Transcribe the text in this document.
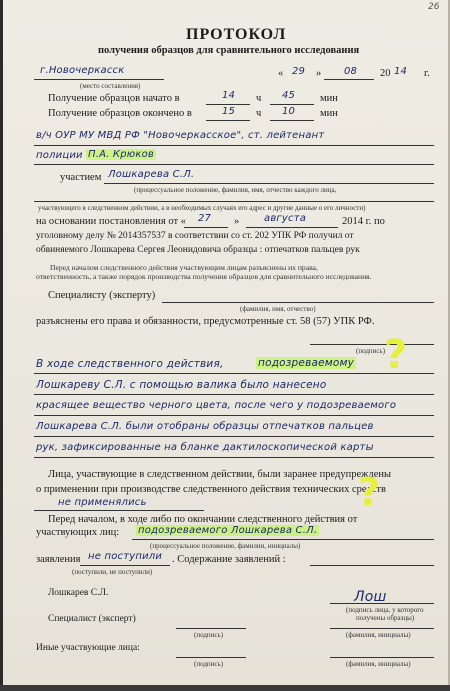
26
ПРОТОКОЛ
получения образцов для сравнительного исследования
г.Новочеркасск
(место составления)
« 29 » 08 20 14 г.
Получение образцов начато в	14 ч 45 мин
Получение образцов окончено в	15 ч 10 мин
в/ч ОУР МУ МВД РФ "Новочеркасское", ст. лейтенант
полиции П.А. Крюков
участием Лошкарева С.Л.
(процессуальное положение, фамилия, имя, отчество каждого лица,
участвующего в следственном действии, а в необходимых случаях его адрес и другие данные о его личности)
на основании постановления от « 27 » августа	2014 г. по
уголовному делу № 2014357537 в соответствии со ст. 202 УПК РФ получил от
обвиняемого Лошкарева Сергея Леонидовича образцы : отпечатков пальцев рук
Перед началом следственного действия участвующим лицам разъяснены их права,
ответственность, а также порядок производства получения образцов для сравнительного исследования.
Специалисту (эксперту)
(фамилия, имя, отчество)
разъяснены его права и обязанности, предусмотренные ст. 58 (57) УПК РФ.
(подпись)
В ходе следственного действия,	подозреваемому
Лошкареву С.Л. с помощью валика было нанесено
красящее вещество черного цвета, после чего у подозреваемого
Лошкарева С.Л. были отобраны образцы отпечатков пальцев
рук, зафиксированные на бланке дактилоскопической карты
?
Лица, участвующие в следственном действии, были заранее предупреждены
о применении при производстве следственного действия технических средств
не применялись	?
Перед началом, в ходе либо по окончании следственного действия от
участвующих лиц: подозреваемого Лошкарева С.Л.
(процессуальное положение, фамилии, инициалы)
заявления не поступили . Содержание заявлений :
(поступили, не поступили)
Лошкарев С.Л.	Лош
(подпись лица, у которого
получены образцы)
Специалист (эксперт)
(подпись)	(фамилия, инициалы)
Иные участвующие лица:
(подпись)	(фамилия, инициалы)
